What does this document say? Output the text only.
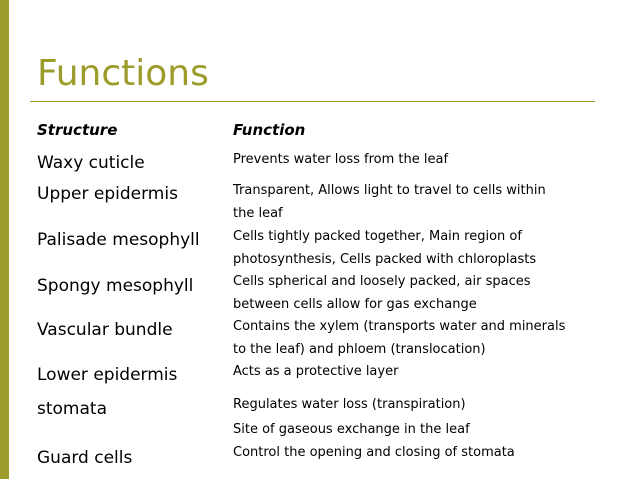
Functions
Structure	Function
Waxy cuticle
Upper epidermis
Palisade mesophyll
Spongy mesophyll
Vascular bundle
Lower epidermis
stomata
Guard cells
Prevents water loss from the leaf
Transparent, Allows light to travel to cells within
the leaf
Cells tightly packed together, Main region of
photosynthesis, Cells packed with chloroplasts
Cells spherical and loosely packed, air spaces
between cells allow for gas exchange
Contains the xylem (transports water and minerals
to the leaf) and phloem (translocation)
Acts as a protective layer
Regulates water loss (transpiration)
Site of gaseous exchange in the leaf
Control the opening and closing of stomata
